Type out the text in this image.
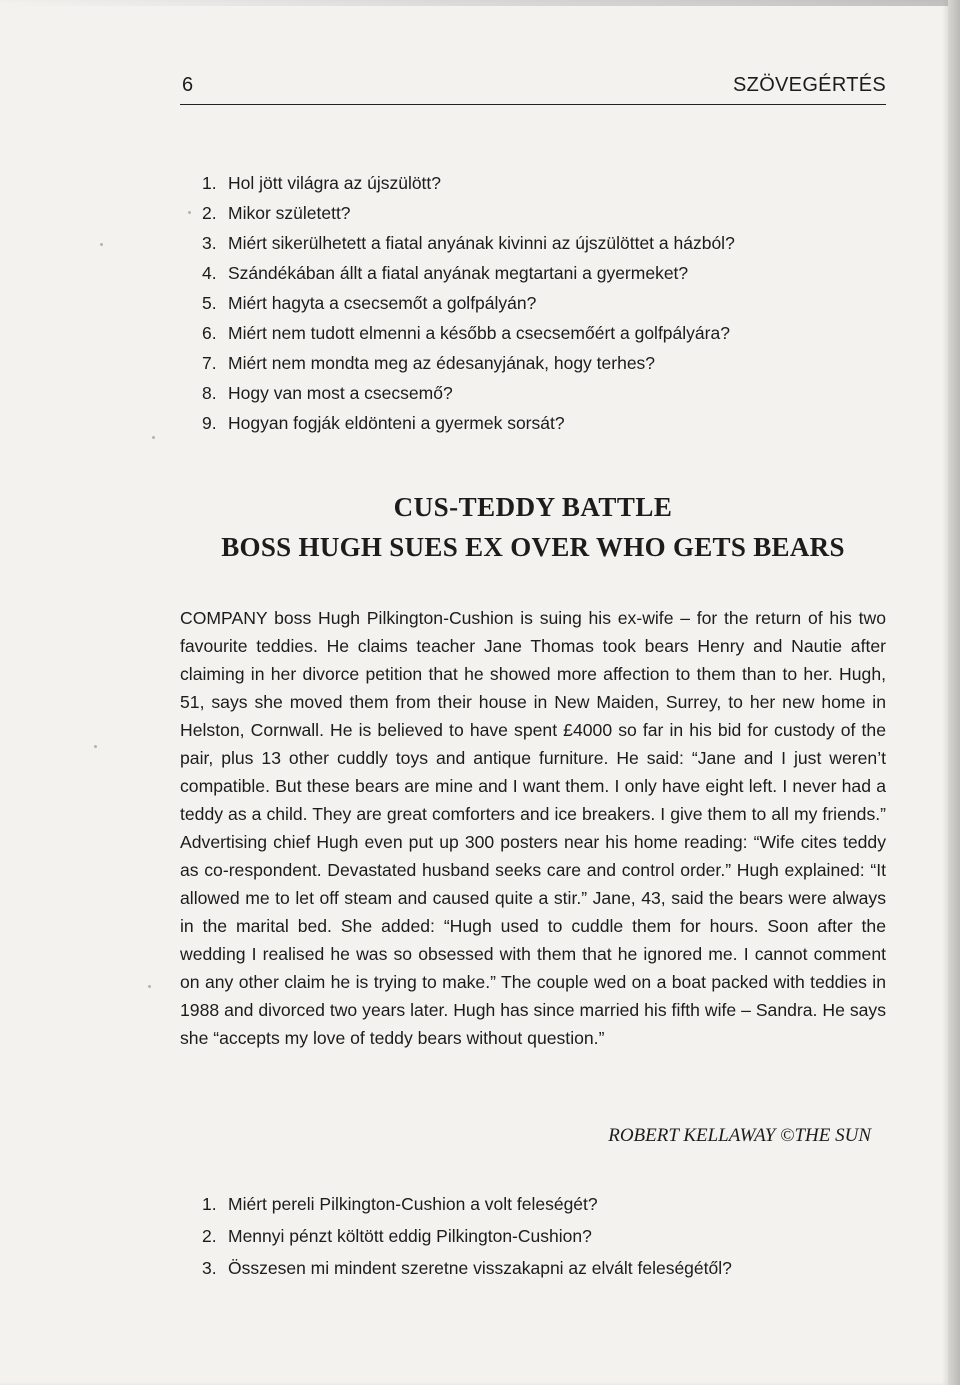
6	SZÖVEGÉRTÉS
1. Hol jött világra az újszülött?
2. Mikor született?
3. Miért sikerülhetett a fiatal anyának kivinni az újszülöttet a házból?
4. Szándékában állt a fiatal anyának megtartani a gyermeket?
5. Miért hagyta a csecsemőt a golfpályán?
6. Miért nem tudott elmenni a később a csecsemőért a golfpályára?
7. Miért nem mondta meg az édesanyjának, hogy terhes?
8. Hogy van most a csecsemő?
9. Hogyan fogják eldönteni a gyermek sorsát?
CUS-TEDDY BATTLE
BOSS HUGH SUES EX OVER WHO GETS BEARS

COMPANY boss Hugh Pilkington-Cushion is suing his ex-wife – for the return of his two favourite teddies. He claims teacher Jane Thomas took bears Henry and Nautie after claiming in her divorce petition that he showed more affection to them than to her. Hugh, 51, says she moved them from their house in New Maiden, Surrey, to her new home in Helston, Cornwall. He is believed to have spent £4000 so far in his bid for custody of the pair, plus 13 other cuddly toys and antique furniture. He said: “Jane and I just weren’t compatible. But these bears are mine and I want them. I only have eight left. I never had a teddy as a child. They are great comforters and ice breakers. I give them to all my friends.” Advertising chief Hugh even put up 300 posters near his home reading: “Wife cites teddy as co-respondent. Devastated husband seeks care and control order.” Hugh explained: “It allowed me to let off steam and caused quite a stir.” Jane, 43, said the bears were always in the marital bed. She added: “Hugh used to cuddle them for hours. Soon after the wedding I realised he was so obsessed with them that he ignored me. I cannot comment on any other claim he is trying to make.” The couple wed on a boat packed with teddies in 1988 and divorced two years later. Hugh has since married his fifth wife – Sandra. He says she “accepts my love of teddy bears without question.”

ROBERT KELLAWAY ©THE SUN
1. Miért pereli Pilkington-Cushion a volt feleségét?
2. Mennyi pénzt költött eddig Pilkington-Cushion?
3. Összesen mi mindent szeretne visszakapni az elvált feleségétől?
